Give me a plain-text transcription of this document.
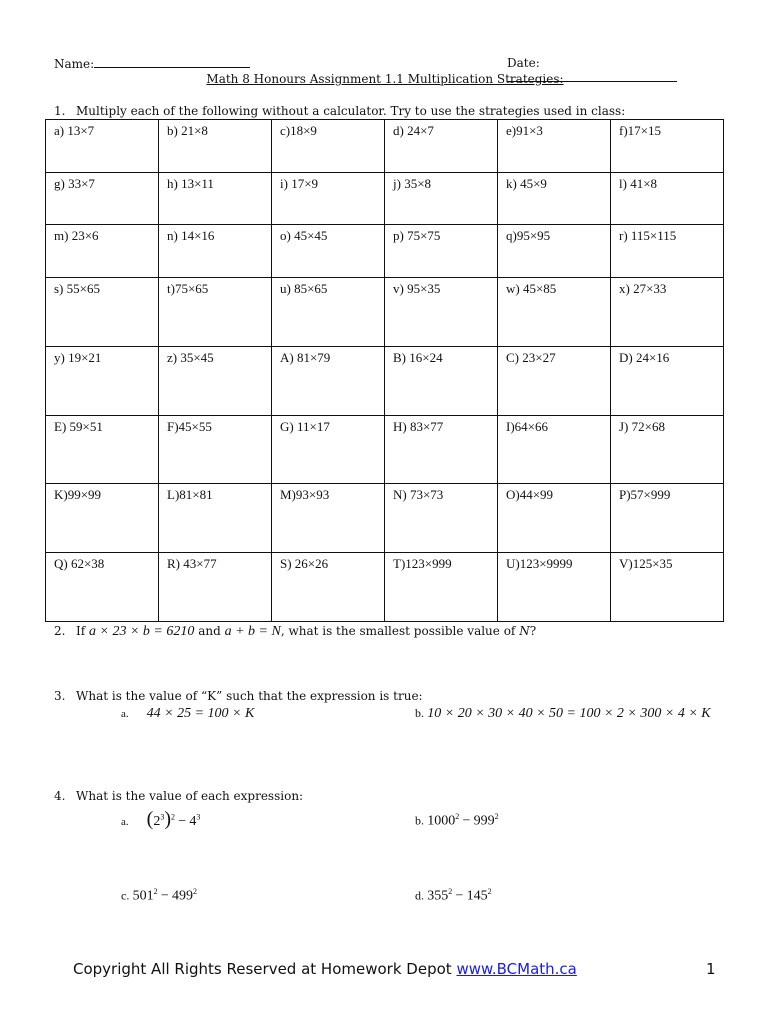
Name:	Date:
Math 8 Honours Assignment 1.1 Multiplication Strategies:
1. Multiply each of the following without a calculator. Try to use the strategies used in class:
a) 13×7	b) 21×8	c)18×9	d) 24×7	e)91×3	f)17×15

g) 33×7	h) 13×11	i) 17×9	j) 35×8	k) 45×9	l) 41×8

m) 23×6	n) 14×16	o) 45×45	p) 75×75	q)95×95	r) 115×115

s) 55×65	t)75×65	u) 85×65	v) 95×35	w) 45×85	x) 27×33

y) 19×21	z) 35×45	A) 81×79	B) 16×24	C) 23×27	D) 24×16

E) 59×51	F)45×55	G) 11×17	H) 83×77	I)64×66	J) 72×68

K)99×99	L)81×81	M)93×93	N) 73×73	O)44×99	P)57×999

Q) 62×38	R) 43×77	S) 26×26	T)123×999	U)123×9999	V)125×35
2. If a × 23 × b = 6210 and a + b = N, what is the smallest possible value of N?
3. What is the value of “K” such that the expression is true:
a. 44 × 25 = 100 × K	b. 10 × 20 × 30 × 40 × 50 = 100 × 2 × 300 × 4 × K
4. What is the value of each expression:
a. $(2^3)^2 - 4^3$	b. $1000^2 - 999^2$
c. $501^2 - 499^2$	d. $355^2 - 145^2$
Copyright All Rights Reserved at Homework Depot www.BCMath.ca	1
